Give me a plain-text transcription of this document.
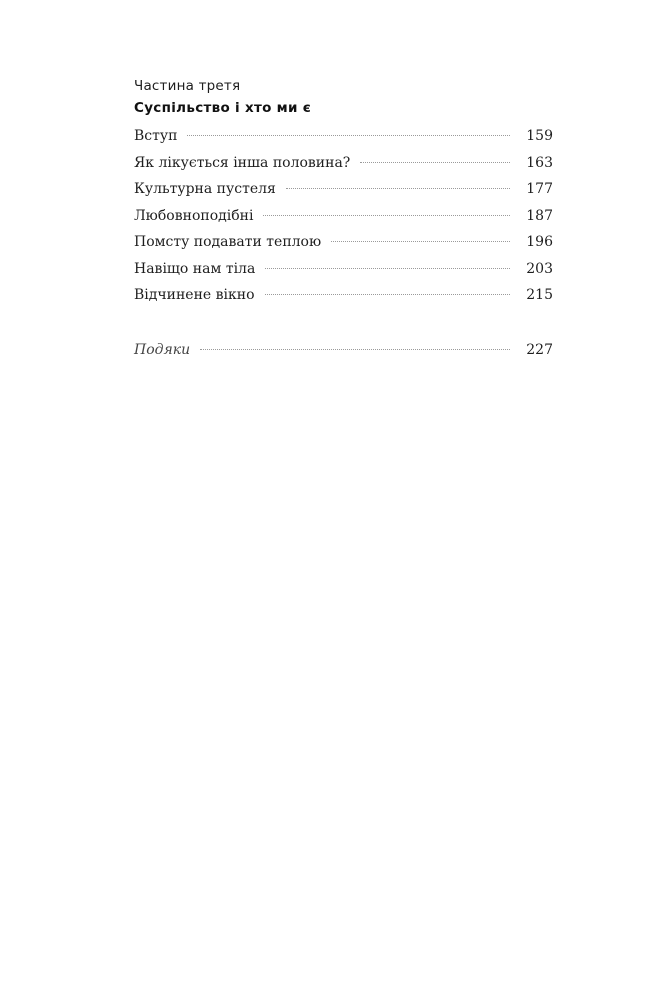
Частина третя
Суспільство і хто ми є
Вступ	159
Як лікується інша половина?	163
Культурна пустеля	177
Любовноподібні	187
Помсту подавати теплою	196
Навіщо нам тіла	203
Відчинене вікно	215
Подяки	227
